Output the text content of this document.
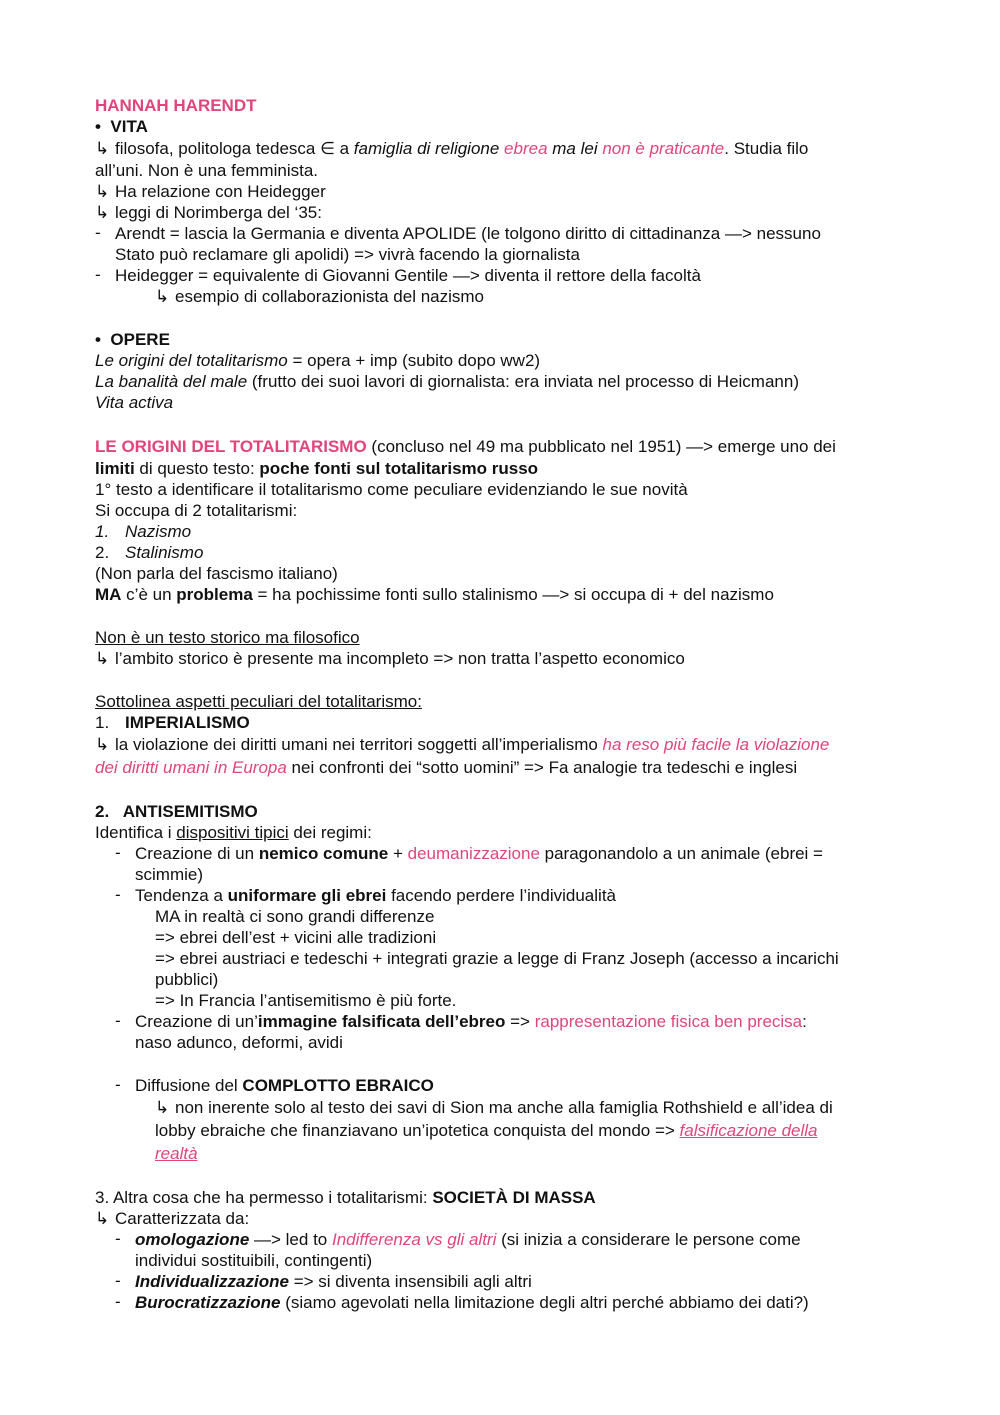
HANNAH HARENDT
• VITA
↳ filosofa, politologa tedesca ∈ a famiglia di religione ebrea ma lei non è praticante. Studia filo
all’uni. Non è una femminista.
↳ Ha relazione con Heidegger
↳ leggi di Norimberga del ‘35:
- Arendt = lascia la Germania e diventa APOLIDE (le tolgono diritto di cittadinanza —> nessuno
Stato può reclamare gli apolidi) => vivrà facendo la giornalista
- Heidegger = equivalente di Giovanni Gentile —> diventa il rettore della facoltà
↳ esempio di collaborazionista del nazismo
• OPERE
Le origini del totalitarismo = opera + imp (subito dopo ww2)
La banalità del male (frutto dei suoi lavori di giornalista: era inviata nel processo di Heicmann)
Vita activa
LE ORIGINI DEL TOTALITARISMO (concluso nel 49 ma pubblicato nel 1951) —> emerge uno dei
limiti di questo testo: poche fonti sul totalitarismo russo
1° testo a identificare il totalitarismo come peculiare evidenziando le sue novità
Si occupa di 2 totalitarismi:
1. Nazismo
2. Stalinismo
(Non parla del fascismo italiano)
MA c’è un problema = ha pochissime fonti sullo stalinismo —> si occupa di + del nazismo
Non è un testo storico ma filosofico
↳ l’ambito storico è presente ma incompleto => non tratta l’aspetto economico
Sottolinea aspetti peculiari del totalitarismo:
1. IMPERIALISMO
↳ la violazione dei diritti umani nei territori soggetti all’imperialismo ha reso più facile la violazione
dei diritti umani in Europa nei confronti dei “sotto uomini” => Fa analogie tra tedeschi e inglesi
2.   ANTISEMITISMO
Identifica i dispositivi tipici dei regimi:
- Creazione di un nemico comune + deumanizzazione paragonandolo a un animale (ebrei =
scimmie)
- Tendenza a uniformare gli ebrei facendo perdere l’individualità
MA in realtà ci sono grandi differenze
=> ebrei dell’est + vicini alle tradizioni
=> ebrei austriaci e tedeschi + integrati grazie a legge di Franz Joseph (accesso a incarichi
pubblici)
=> In Francia l’antisemitismo è più forte.
- Creazione di un’immagine falsificata dell’ebreo => rappresentazione fisica ben precisa:
naso adunco, deformi, avidi
- Diffusione del COMPLOTTO EBRAICO
↳ non inerente solo al testo dei savi di Sion ma anche alla famiglia Rothshield e all’idea di
lobby ebraiche che finanziavano un’ipotetica conquista del mondo => falsificazione della
realtà
3. Altra cosa che ha permesso i totalitarismi: SOCIETÀ DI MASSA
↳ Caratterizzata da:
- omologazione —> led to Indifferenza vs gli altri (si inizia a considerare le persone come
individui sostituibili, contingenti)
- Individualizzazione => si diventa insensibili agli altri
- Burocratizzazione (siamo agevolati nella limitazione degli altri perché abbiamo dei dati?)
